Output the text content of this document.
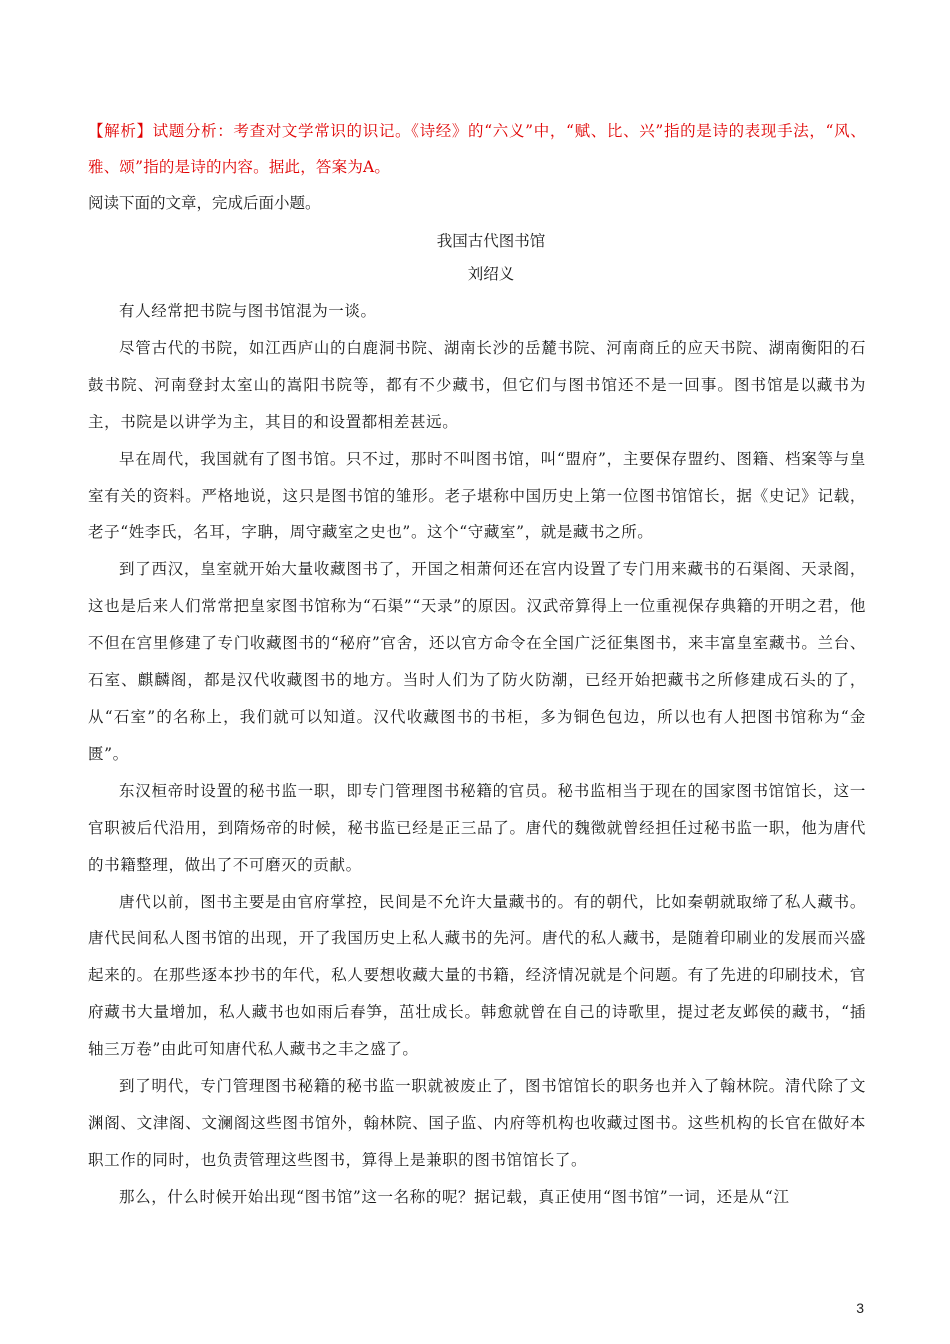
【解析】试题分析：考查对文学常识的识记。《诗经》的“六义”中，“赋、比、兴”指的是诗的表现手法，“风、雅、颂”指的是诗的内容。据此，答案为A。

阅读下面的文章，完成后面小题。

我国古代图书馆

刘绍义

有人经常把书院与图书馆混为一谈。

尽管古代的书院，如江西庐山的白鹿洞书院、湖南长沙的岳麓书院、河南商丘的应天书院、湖南衡阳的石鼓书院、河南登封太室山的嵩阳书院等，都有不少藏书，但它们与图书馆还不是一回事。图书馆是以藏书为主，书院是以讲学为主，其目的和设置都相差甚远。

早在周代，我国就有了图书馆。只不过，那时不叫图书馆，叫“盟府”，主要保存盟约、图籍、档案等与皇室有关的资料。严格地说，这只是图书馆的雏形。老子堪称中国历史上第一位图书馆馆长，据《史记》记载，老子“姓李氏，名耳，字聃，周守藏室之史也”。这个“守藏室”，就是藏书之所。

到了西汉，皇室就开始大量收藏图书了，开国之相萧何还在宫内设置了专门用来藏书的石渠阁、天录阁，这也是后来人们常常把皇家图书馆称为“石渠”“天录”的原因。汉武帝算得上一位重视保存典籍的开明之君，他不但在宫里修建了专门收藏图书的“秘府”官舍，还以官方命令在全国广泛征集图书，来丰富皇室藏书。兰台、石室、麒麟阁，都是汉代收藏图书的地方。当时人们为了防火防潮，已经开始把藏书之所修建成石头的了，从“石室”的名称上，我们就可以知道。汉代收藏图书的书柜，多为铜色包边，所以也有人把图书馆称为“金匮”。

东汉桓帝时设置的秘书监一职，即专门管理图书秘籍的官员。秘书监相当于现在的国家图书馆馆长，这一官职被后代沿用，到隋炀帝的时候，秘书监已经是正三品了。唐代的魏徵就曾经担任过秘书监一职，他为唐代的书籍整理，做出了不可磨灭的贡献。

唐代以前，图书主要是由官府掌控，民间是不允许大量藏书的。有的朝代，比如秦朝就取缔了私人藏书。唐代民间私人图书馆的出现，开了我国历史上私人藏书的先河。唐代的私人藏书，是随着印刷业的发展而兴盛起来的。在那些逐本抄书的年代，私人要想收藏大量的书籍，经济情况就是个问题。有了先进的印刷技术，官府藏书大量增加，私人藏书也如雨后春笋，茁壮成长。韩愈就曾在自己的诗歌里，提过老友邺侯的藏书，“插轴三万卷”由此可知唐代私人藏书之丰之盛了。

到了明代，专门管理图书秘籍的秘书监一职就被废止了，图书馆馆长的职务也并入了翰林院。清代除了文渊阁、文津阁、文澜阁这些图书馆外，翰林院、国子监、内府等机构也收藏过图书。这些机构的长官在做好本职工作的同时，也负责管理这些图书，算得上是兼职的图书馆馆长了。

那么，什么时候开始出现“图书馆”这一名称的呢？据记载，真正使用“图书馆”一词，还是从“江

3
